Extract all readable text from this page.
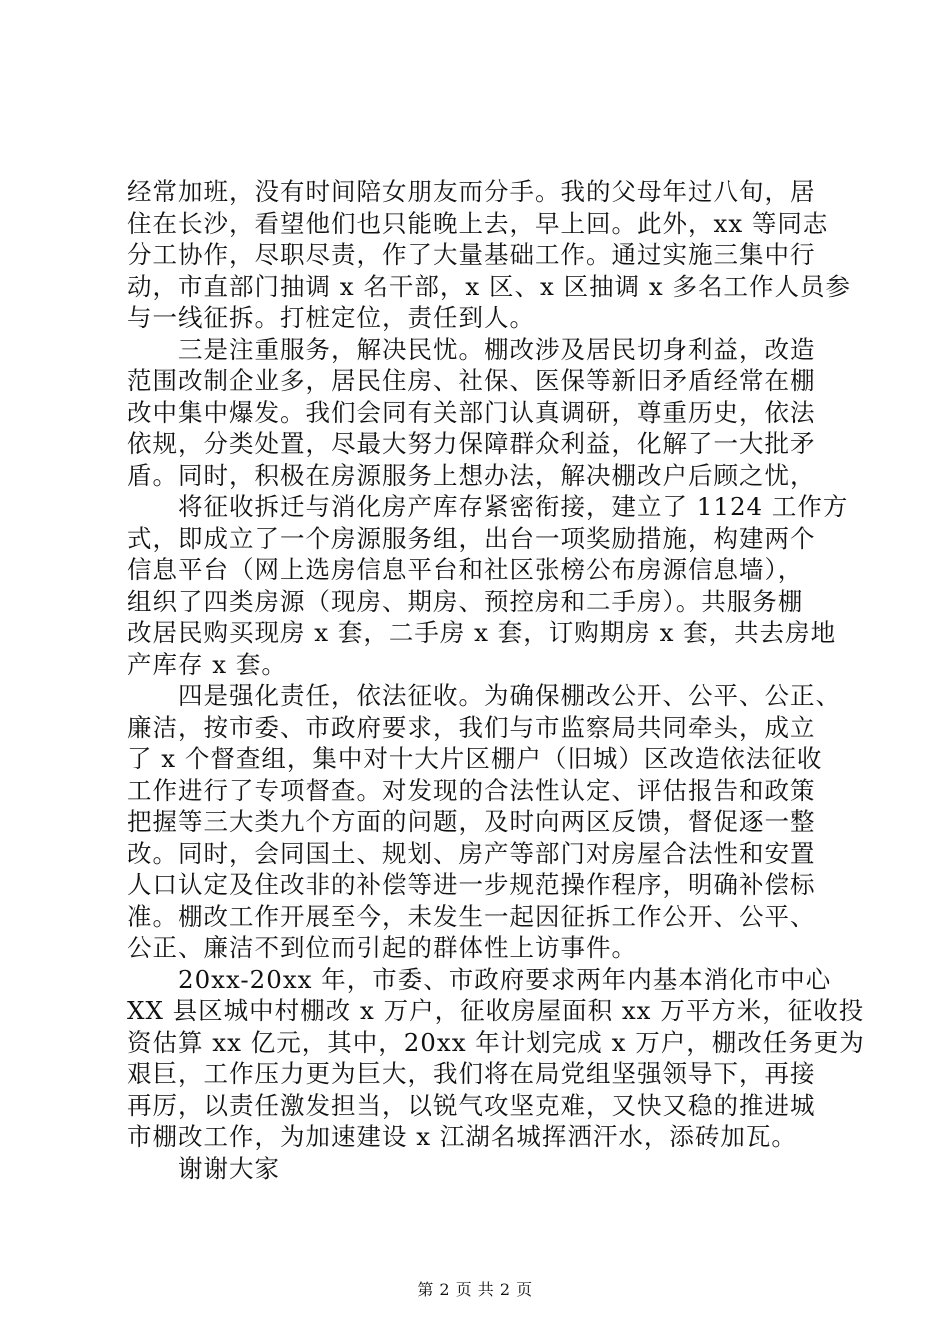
经常加班，没有时间陪女朋友而分手。我的父母年过八旬，居
住在长沙，看望他们也只能晚上去，早上回。此外，xx 等同志
分工协作，尽职尽责，作了大量基础工作。通过实施三集中行
动，市直部门抽调 x 名干部，x 区、x 区抽调 x 多名工作人员参
与一线征拆。打桩定位，责任到人。
　　三是注重服务，解决民忧。棚改涉及居民切身利益，改造
范围改制企业多，居民住房、社保、医保等新旧矛盾经常在棚
改中集中爆发。我们会同有关部门认真调研，尊重历史，依法
依规，分类处置，尽最大努力保障群众利益，化解了一大批矛
盾。同时，积极在房源服务上想办法，解决棚改户后顾之忧，
　　将征收拆迁与消化房产库存紧密衔接，建立了 1124 工作方
式，即成立了一个房源服务组，出台一项奖励措施，构建两个
信息平台（网上选房信息平台和社区张榜公布房源信息墙），
组织了四类房源（现房、期房、预控房和二手房）。共服务棚
改居民购买现房 x 套，二手房 x 套，订购期房 x 套，共去房地
产库存 x 套。
　　四是强化责任，依法征收。为确保棚改公开、公平、公正、
廉洁，按市委、市政府要求，我们与市监察局共同牵头，成立
了 x 个督查组，集中对十大片区棚户（旧城）区改造依法征收
工作进行了专项督查。对发现的合法性认定、评估报告和政策
把握等三大类九个方面的问题，及时向两区反馈，督促逐一整
改。同时，会同国土、规划、房产等部门对房屋合法性和安置
人口认定及住改非的补偿等进一步规范操作程序，明确补偿标
准。棚改工作开展至今，未发生一起因征拆工作公开、公平、
公正、廉洁不到位而引起的群体性上访事件。
　　20xx-20xx 年，市委、市政府要求两年内基本消化市中心
XX 县区城中村棚改 x 万户，征收房屋面积 xx 万平方米，征收投
资估算 xx 亿元，其中，20xx 年计划完成 x 万户，棚改任务更为
艰巨，工作压力更为巨大，我们将在局党组坚强领导下，再接
再厉，以责任激发担当，以锐气攻坚克难，又快又稳的推进城
市棚改工作，为加速建设 x 江湖名城挥洒汗水，添砖加瓦。
　　谢谢大家
第 2 页 共 2 页
